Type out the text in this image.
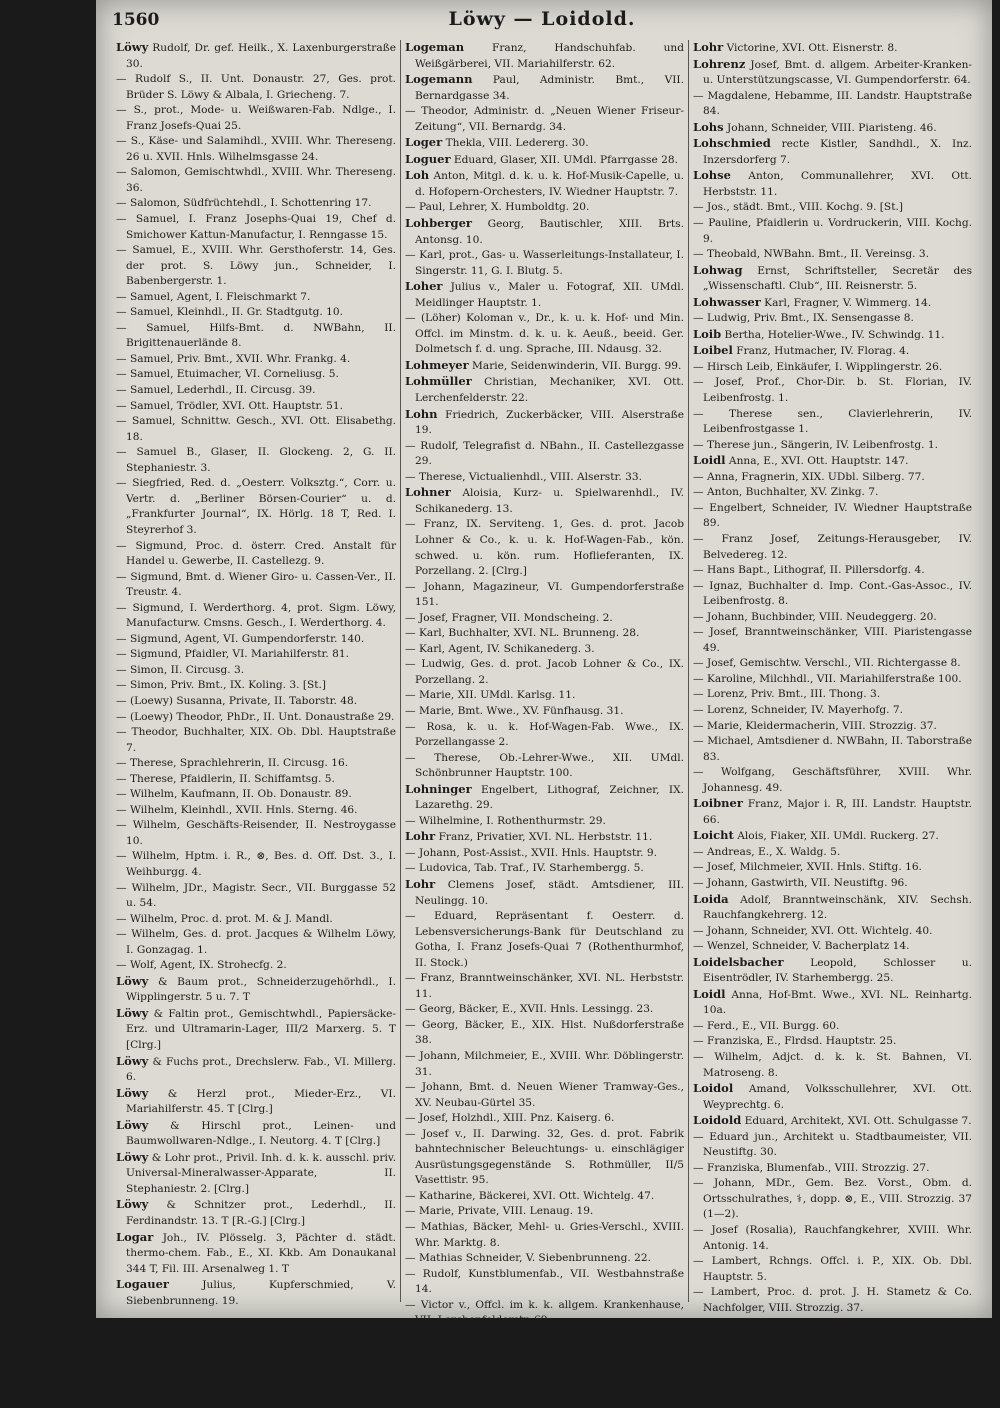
1560	Löwy — Loidold.

Löwy Rudolf, Dr. gef. Heilk., X. Laxenburgerstraße 30.

— Rudolf S., II. Unt. Donaustr. 27, Ges. prot. Brüder S. Löwy & Albala, I. Griecheng. 7.

— S., prot., Mode- u. Weißwaren-Fab. Ndlge., I. Franz Josefs-Quai 25.

— S., Käse- und Salamihdl., XVIII. Whr. Thereseng. 26 u. XVII. Hnls. Wilhelmsgasse 24.

— Salomon, Gemischtwhdl., XVIII. Whr. Thereseng. 36.

— Salomon, Südfrüchtehdl., I. Schottenring 17.

— Samuel, I. Franz Josephs-Quai 19, Chef d. Smichower Kattun-Manufactur, I. Renngasse 15.

— Samuel, E., XVIII. Whr. Gersthoferstr. 14, Ges. der prot. S. Löwy jun., Schneider, I. Babenbergerstr. 1.

— Samuel, Agent, I. Fleischmarkt 7.

— Samuel, Kleinhdl., II. Gr. Stadtgutg. 10.

— Samuel, Hilfs-Bmt. d. NWBahn, II. Brigittenauerlände 8.

— Samuel, Priv. Bmt., XVII. Whr. Frankg. 4.

— Samuel, Etuimacher, VI. Corneliusg. 5.

— Samuel, Lederhdl., II. Circusg. 39.

— Samuel, Trödler, XVI. Ott. Hauptstr. 51.

— Samuel, Schnittw. Gesch., XVI. Ott. Elisabethg. 18.

— Samuel B., Glaser, II. Glockeng. 2, G. II. Stephaniestr. 3.

— Siegfried, Red. d. „Oesterr. Volksztg.“, Corr. u. Vertr. d. „Berliner Börsen-Courier“ u. d. „Frankfurter Journal“, IX. Hörlg. 18 T, Red. I. Steyrerhof 3.

— Sigmund, Proc. d. österr. Cred. Anstalt für Handel u. Gewerbe, II. Castellezg. 9.

— Sigmund, Bmt. d. Wiener Giro- u. Cassen-Ver., II. Treustr. 4.

— Sigmund, I. Werderthorg. 4, prot. Sigm. Löwy, Manufacturw. Cmsns. Gesch., I. Werderthorg. 4.

— Sigmund, Agent, VI. Gumpendorferstr. 140.

— Sigmund, Pfaidler, VI. Mariahilferstr. 81.

— Simon, II. Circusg. 3.

— Simon, Priv. Bmt., IX. Koling. 3. [St.]

— (Loewy) Susanna, Private, II. Taborstr. 48.

— (Loewy) Theodor, PhDr., II. Unt. Donaustraße 29.

— Theodor, Buchhalter, XIX. Ob. Dbl. Hauptstraße 7.

— Therese, Sprachlehrerin, II. Circusg. 16.

— Therese, Pfaidlerin, II. Schiffamtsg. 5.

— Wilhelm, Kaufmann, II. Ob. Donaustr. 89.

— Wilhelm, Kleinhdl., XVII. Hnls. Sterng. 46.

— Wilhelm, Geschäfts-Reisender, II. Nestroygasse 10.

— Wilhelm, Hptm. i. R., ⊗, Bes. d. Off. Dst. 3., I. Weihburgg. 4.

— Wilhelm, JDr., Magistr. Secr., VII. Burggasse 52 u. 54.

— Wilhelm, Proc. d. prot. M. & J. Mandl.

— Wilhelm, Ges. d. prot. Jacques & Wilhelm Löwy, I. Gonzagag. 1.

— Wolf, Agent, IX. Strohecfg. 2.

Löwy & Baum prot., Schneiderzugehörhdl., I. Wipplingerstr. 5 u. 7. T

Löwy & Faltin prot., Gemischtwhdl., Papiersäcke-Erz. und Ultramarin-Lager, III/2 Marxerg. 5. T [Clrg.]

Löwy & Fuchs prot., Drechslerw. Fab., VI. Millerg. 6.

Löwy & Herzl prot., Mieder-Erz., VI. Mariahilferstr. 45. T [Clrg.]

Löwy & Hirschl prot., Leinen- und Baumwollwaren-Ndlge., I. Neutorg. 4. T [Clrg.]

Löwy & Lohr prot., Privil. Inh. d. k. k. ausschl. priv. Universal-Mineralwasser-Apparate, II. Stephaniestr. 2. [Clrg.]

Löwy & Schnitzer prot., Lederhdl., II. Ferdinandstr. 13. T [R.-G.] [Clrg.]

Logar Joh., IV. Plösselg. 3, Pächter d. städt. thermo-chem. Fab., E., XI. Kkb. Am Donaukanal 344 T, Fil. III. Arsenalweg 1. T

Logauer	Julius, Kupferschmied, V. Siebenbrunneng. 19.

Logeman	Franz, Handschuhfab. und Weißgärberei, VII. Mariahilferstr. 62.

Logemann Paul, Administr. Bmt., VII. Bernardgasse 34.

— Theodor, Administr. d. „Neuen Wiener Friseur-Zeitung“, VII. Bernardg. 34.

Loger Thekla, VIII. Ledererg. 30.

Loguer Eduard, Glaser, XII. UMdl. Pfarrgasse 28.

Loh Anton, Mitgl. d. k. u. k. Hof-Musik-Capelle, u. d. Hofopern-Orchesters, IV. Wiedner Hauptstr. 7.

— Paul, Lehrer, X. Humboldtg. 20.

Lohberger Georg, Bautischler, XIII. Brts. Antonsg. 10.

— Karl, prot., Gas- u. Wasserleitungs-Installateur, I. Singerstr. 11, G. I. Blutg. 5.

Loher Julius v., Maler u. Fotograf, XII. UMdl. Meidlinger Hauptstr. 1.

— (Löher) Koloman v., Dr., k. u. k. Hof- und Min. Offcl. im Minstm. d. k. u. k. Aeuß., beeid. Ger. Dolmetsch f. d. ung. Sprache, III. Ndausg. 32.

Lohmeyer Marie, Seidenwinderin, VII. Burgg. 99.

Lohmüller Christian, Mechaniker, XVI. Ott. Lerchenfelderstr. 22.

Lohn Friedrich, Zuckerbäcker, VIII. Alserstraße 19.

— Rudolf, Telegrafist d. NBahn., II. Castellezgasse 29.

— Therese, Victualienhdl., VIII. Alserstr. 33.

Lohner Aloisia, Kurz- u. Spielwarenhdl., IV. Schikanederg. 13.

— Franz, IX. Serviteng. 1, Ges. d. prot. Jacob Lohner & Co., k. u. k. Hof-Wagen-Fab., kön. schwed. u. kön. rum. Hoflieferanten, IX. Porzellang. 2. [Clrg.]

— Johann, Magazineur, VI. Gumpendorferstraße 151.

— Josef, Fragner, VII. Mondscheing. 2.

— Karl, Buchhalter, XVI. NL. Brunneng. 28.

— Karl, Agent, IV. Schikanederg. 3.

— Ludwig, Ges. d. prot. Jacob Lohner & Co., IX. Porzellang. 2.

— Marie, XII. UMdl. Karlsg. 11.

— Marie, Bmt. Wwe., XV. Fünfhausg. 31.

— Rosa, k. u. k. Hof-Wagen-Fab. Wwe., IX. Porzellangasse 2.

— Therese, Ob.-Lehrer-Wwe., XII. UMdl. Schönbrunner Hauptstr. 100.

Lohninger Engelbert, Lithograf, Zeichner, IX. Lazarethg. 29.

— Wilhelmine, I. Rothenthurmstr. 29.

Lohr Franz, Privatier, XVI. NL. Herbststr. 11.

— Johann, Post-Assist., XVII. Hnls. Hauptstr. 9.

— Ludovica, Tab. Traf., IV. Starhembergg. 5.

Lohr Clemens Josef, städt. Amtsdiener, III. Neulingg. 10.

— Eduard, Repräsentant f. Oesterr. d. Lebensversicherungs-Bank für Deutschland zu Gotha, I. Franz Josefs-Quai 7 (Rothenthurmhof, II. Stock.)

— Franz, Branntweinschänker, XVI. NL. Herbststr. 11.

— Georg, Bäcker, E., XVII. Hnls. Lessingg. 23.

— Georg, Bäcker, E., XIX. Hlst. Nußdorferstraße 38.

— Johann, Milchmeier, E., XVIII. Whr. Döblingerstr. 31.

— Johann, Bmt. d. Neuen Wiener Tramway-Ges., XV. Neubau-Gürtel 35.

— Josef, Holzhdl., XIII. Pnz. Kaiserg. 6.

— Josef v., II. Darwing. 32, Ges. d. prot. Fabrik bahntechnischer Beleuchtungs- u. einschlägiger Ausrüstungsgegenstände S. Rothmüller, II/5 Vasettistr. 95.

— Katharine, Bäckerei, XVI. Ott. Wichtelg. 47.

— Marie, Private, VIII. Lenaug. 19.

— Mathias, Bäcker, Mehl- u. Gries-Verschl., XVIII. Whr. Marktg. 8.

— Mathias Schneider, V. Siebenbrunneng. 22.

— Rudolf, Kunstblumenfab., VII. Westbahnstraße 14.

— Victor v., Offcl. im k. k. allgem. Krankenhause, VII. Lerchenfelderstr. 69.

Lohr Victorine, XVI. Ott. Eisnerstr. 8.

Lohrenz Josef, Bmt. d. allgem. Arbeiter-Kranken- u. Unterstützungscasse, VI. Gumpendorferstr. 64.

— Magdalene, Hebamme, III. Landstr. Hauptstraße 84.

Lohs Johann, Schneider, VIII. Piaristeng. 46.

Lohschmied recte Kistler, Sandhdl., X. Inz. Inzersdorferg 7.

Lohse Anton, Communallehrer, XVI. Ott. Herbststr. 11.

— Jos., städt. Bmt., VIII. Kochg. 9. [St.]

— Pauline, Pfaidlerin u. Vordruckerin, VIII. Kochg. 9.

— Theobald, NWBahn. Bmt., II. Vereinsg. 3.

Lohwag Ernst, Schriftsteller, Secretär des „Wissenschaftl. Club“, III. Reisnerstr. 5.

Lohwasser Karl, Fragner, V. Wimmerg. 14.

— Ludwig, Priv. Bmt., IX. Sensengasse 8.

Loib Bertha, Hotelier-Wwe., IV. Schwindg. 11.

Loibel Franz, Hutmacher, IV. Florag. 4.

— Hirsch Leib, Einkäufer, I. Wipplingerstr. 26.

— Josef, Prof., Chor-Dir. b. St. Florian, IV. Leibenfrostg. 1.

— Therese sen., Clavierlehrerin, IV. Leibenfrostgasse 1.

— Therese jun., Sängerin, IV. Leibenfrostg. 1.

Loidl Anna, E., XVI. Ott. Hauptstr. 147.

— Anna, Fragnerin, XIX. UDbl. Silberg. 77.

— Anton, Buchhalter, XV. Zinkg. 7.

— Engelbert, Schneider, IV. Wiedner Hauptstraße 89.

— Franz Josef, Zeitungs-Herausgeber, IV. Belvedereg. 12.

— Hans Bapt., Lithograf, II. Pillersdorfg. 4.

— Ignaz, Buchhalter d. Imp. Cont.-Gas-Assoc., IV. Leibenfrostg. 8.

— Johann, Buchbinder, VIII. Neudeggerg. 20.

— Josef, Branntweinschänker, VIII. Piaristengasse 49.

— Josef, Gemischtw. Verschl., VII. Richtergasse 8.

— Karoline, Milchhdl., VII. Mariahilferstraße 100.

— Lorenz, Priv. Bmt., III. Thong. 3.

— Lorenz, Schneider, IV. Mayerhofg. 7.

— Marie, Kleidermacherin, VIII. Strozzig. 37.

— Michael, Amtsdiener d. NWBahn, II. Taborstraße 83.

— Wolfgang, Geschäftsführer, XVIII. Whr. Johannesg. 49.

Loibner Franz, Major i. R, III. Landstr. Hauptstr. 66.

Loicht Alois, Fiaker, XII. UMdl. Ruckerg. 27.

— Andreas, E., X. Waldg. 5.

— Josef, Milchmeier, XVII. Hnls. Stiftg. 16.

— Johann, Gastwirth, VII. Neustiftg. 96.

Loida Adolf, Branntweinschänk, XIV. Sechsh. Rauchfangkehrerg. 12.

— Johann, Schneider, XVI. Ott. Wichtelg. 40.

— Wenzel, Schneider, V. Bacherplatz 14.

Loidelsbacher	Leopold, Schlosser u. Eisentrödler, IV. Starhembergg. 25.

Loidl Anna, Hof-Bmt. Wwe., XVI. NL. Reinhartg. 10a.

— Ferd., E., VII. Burgg. 60.

— Franziska, E., Flrdsd. Hauptstr. 25.

— Wilhelm, Adjct. d. k. k. St. Bahnen, VI. Matroseng. 8.

Loidol Amand, Volksschullehrer, XVI. Ott. Weyprechtg. 6.

Loidold Eduard, Architekt, XVI. Ott. Schulgasse 7.

— Eduard jun., Architekt u. Stadtbaumeister, VII. Neustiftg. 30.

— Franziska, Blumenfab., VIII. Strozzig. 27.

— Johann, MDr., Gem. Bez. Vorst., Obm. d. Ortsschulrathes, ⚕, dopp. ⊗, E., VIII. Strozzig. 37 (1—2).

— Josef (Rosalia), Rauchfangkehrer, XVIII. Whr. Antonig. 14.

— Lambert, Rchngs. Offcl. i. P., XIX. Ob. Dbl. Hauptstr. 5.

— Lambert, Proc. d. prot. J. H. Stametz & Co. Nachfolger, VIII. Strozzig. 37.
